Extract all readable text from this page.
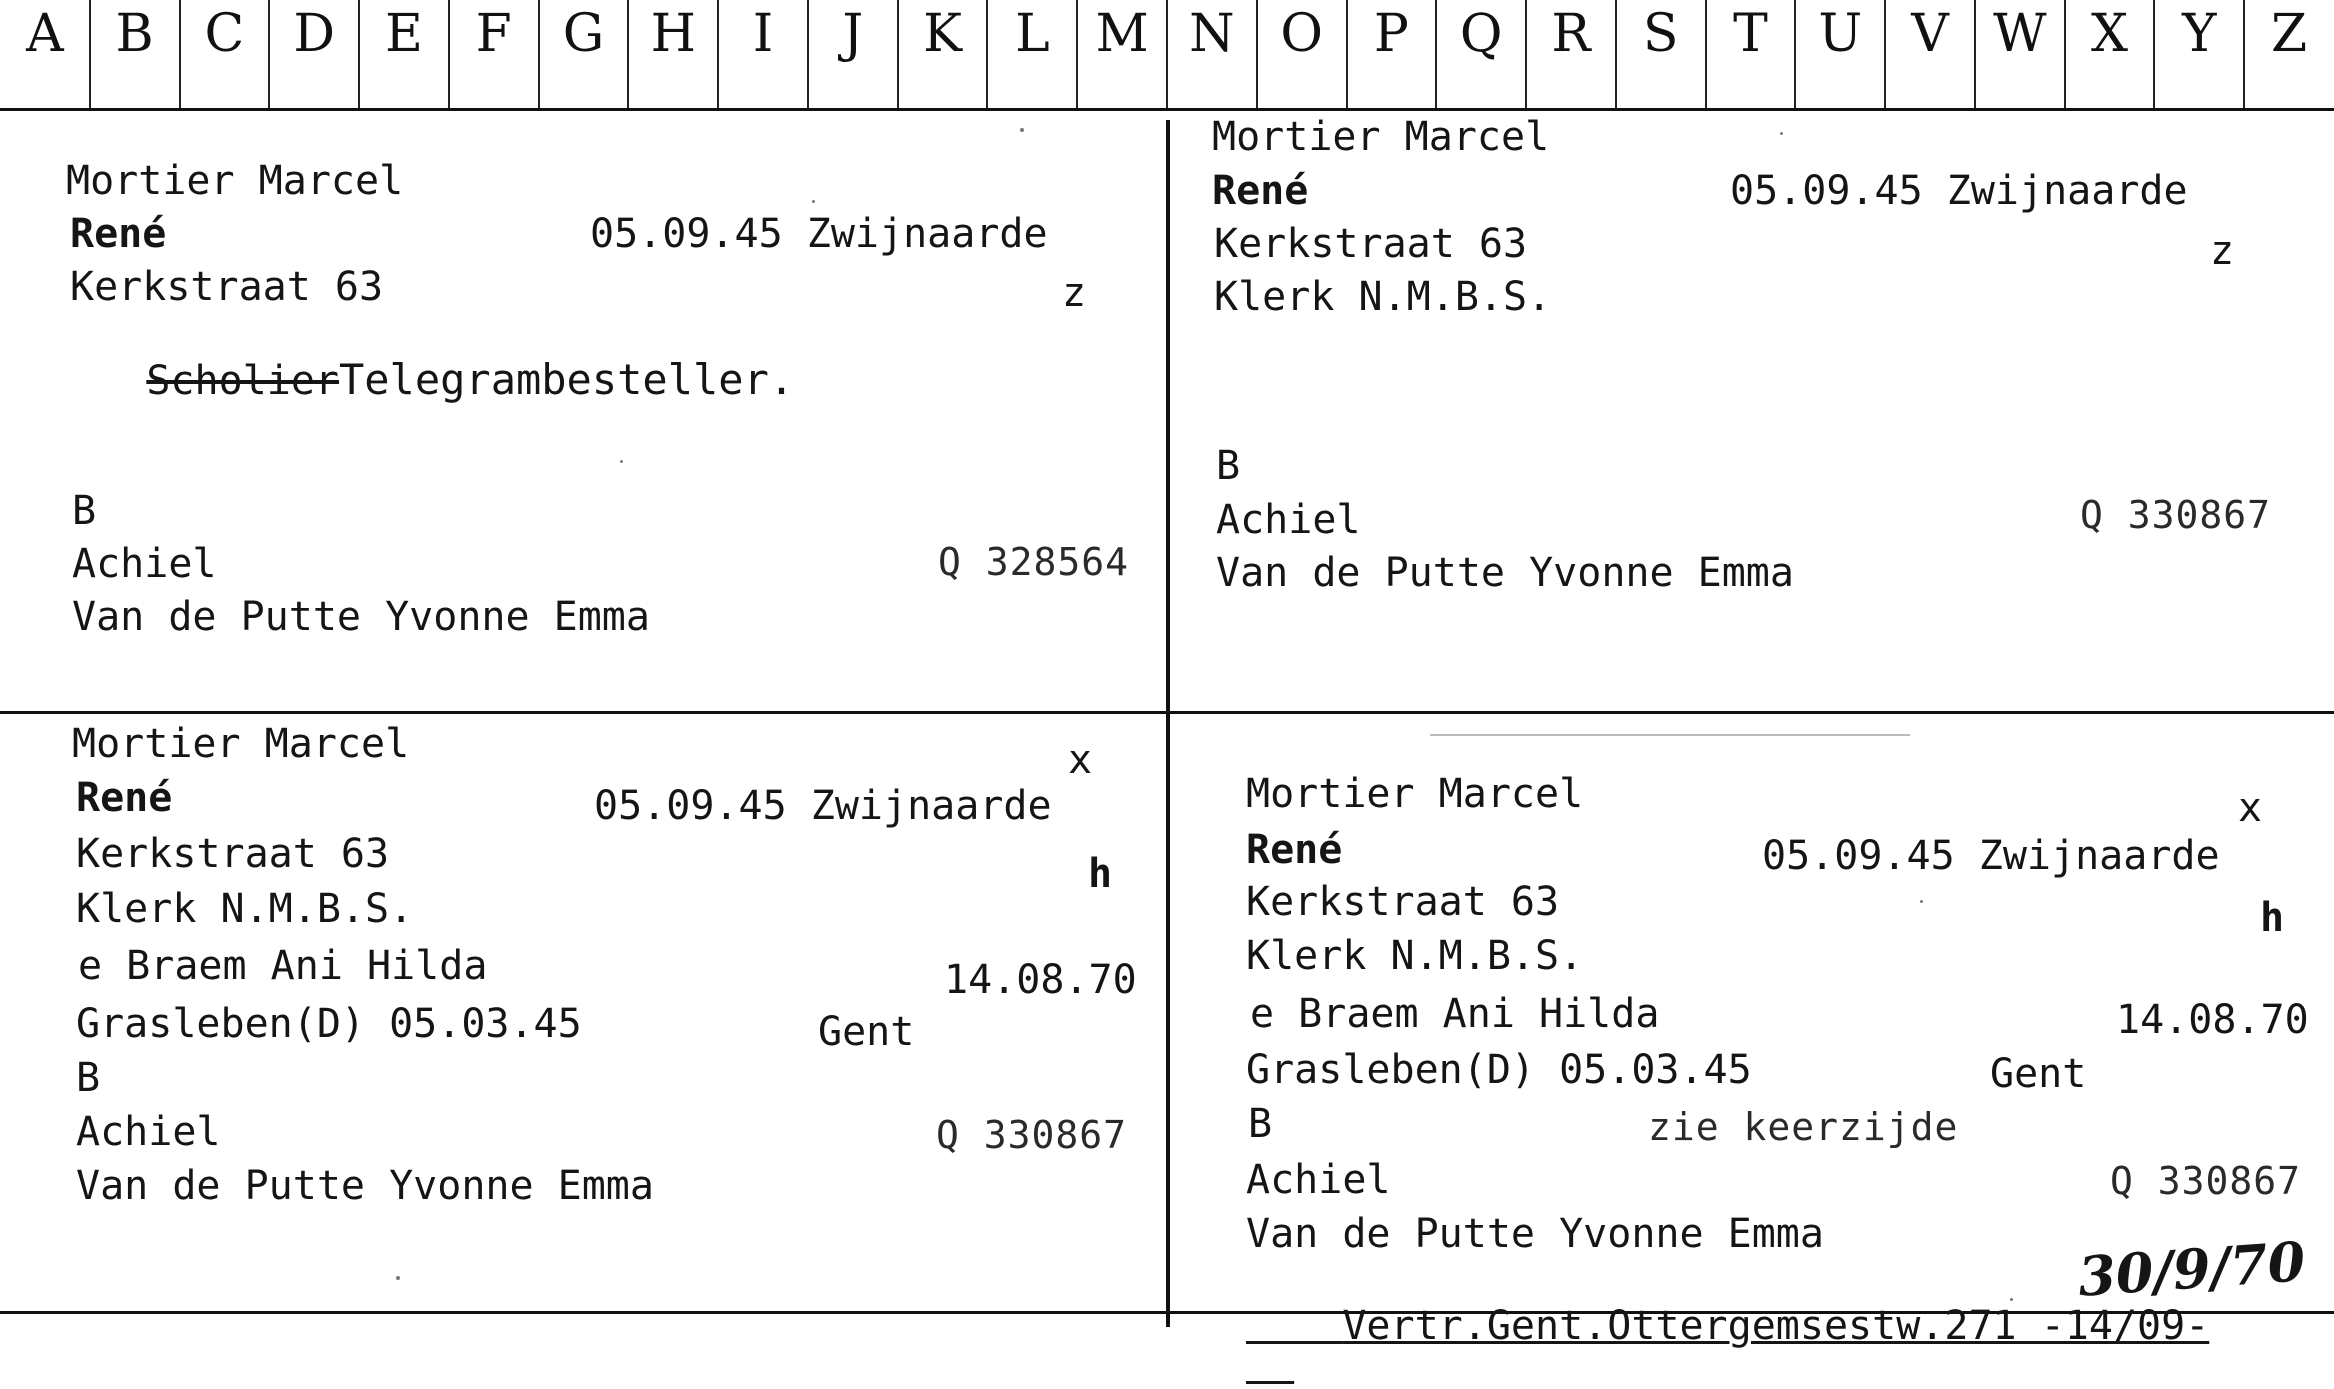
A B C D E	F G H	I	J	K	L M N O P Q R	S	T U V W X	Y	Z
Mortier Marcel
René	05.09.45 Zwijnaarde
Kerkstraat 63	z

ScholierTelegrambesteller.

B
Achiel	Q 328564
Van de Putte Yvonne Emma
Mortier Marcel
René	05.09.45 Zwijnaarde
Kerkstraat 63	z
Klerk N.M.B.S.
B
Achiel	Q 330867
Van de Putte Yvonne Emma
Mortier Marcel	x
René	05.09.45 Zwijnaarde
Kerkstraat 63	h
Klerk N.M.B.S.
e Braem Ani Hilda	14.08.70
Grasleben(D) 05.03.45	Gent
B
Achiel	Q 330867
Van de Putte Yvonne Emma
Mortier Marcel	x
René	05.09.45 Zwijnaarde
Kerkstraat 63	h
Klerk N.M.B.S.
e Braem Ani Hilda	14.08.70
Grasleben(D) 05.03.45	Gent
B	zie keerzijde
Achiel	Q 330867
Van de Putte Yvonne Emma

Vertr.Gent.Ottergemsestw.271 -14/09-

30/9/70
